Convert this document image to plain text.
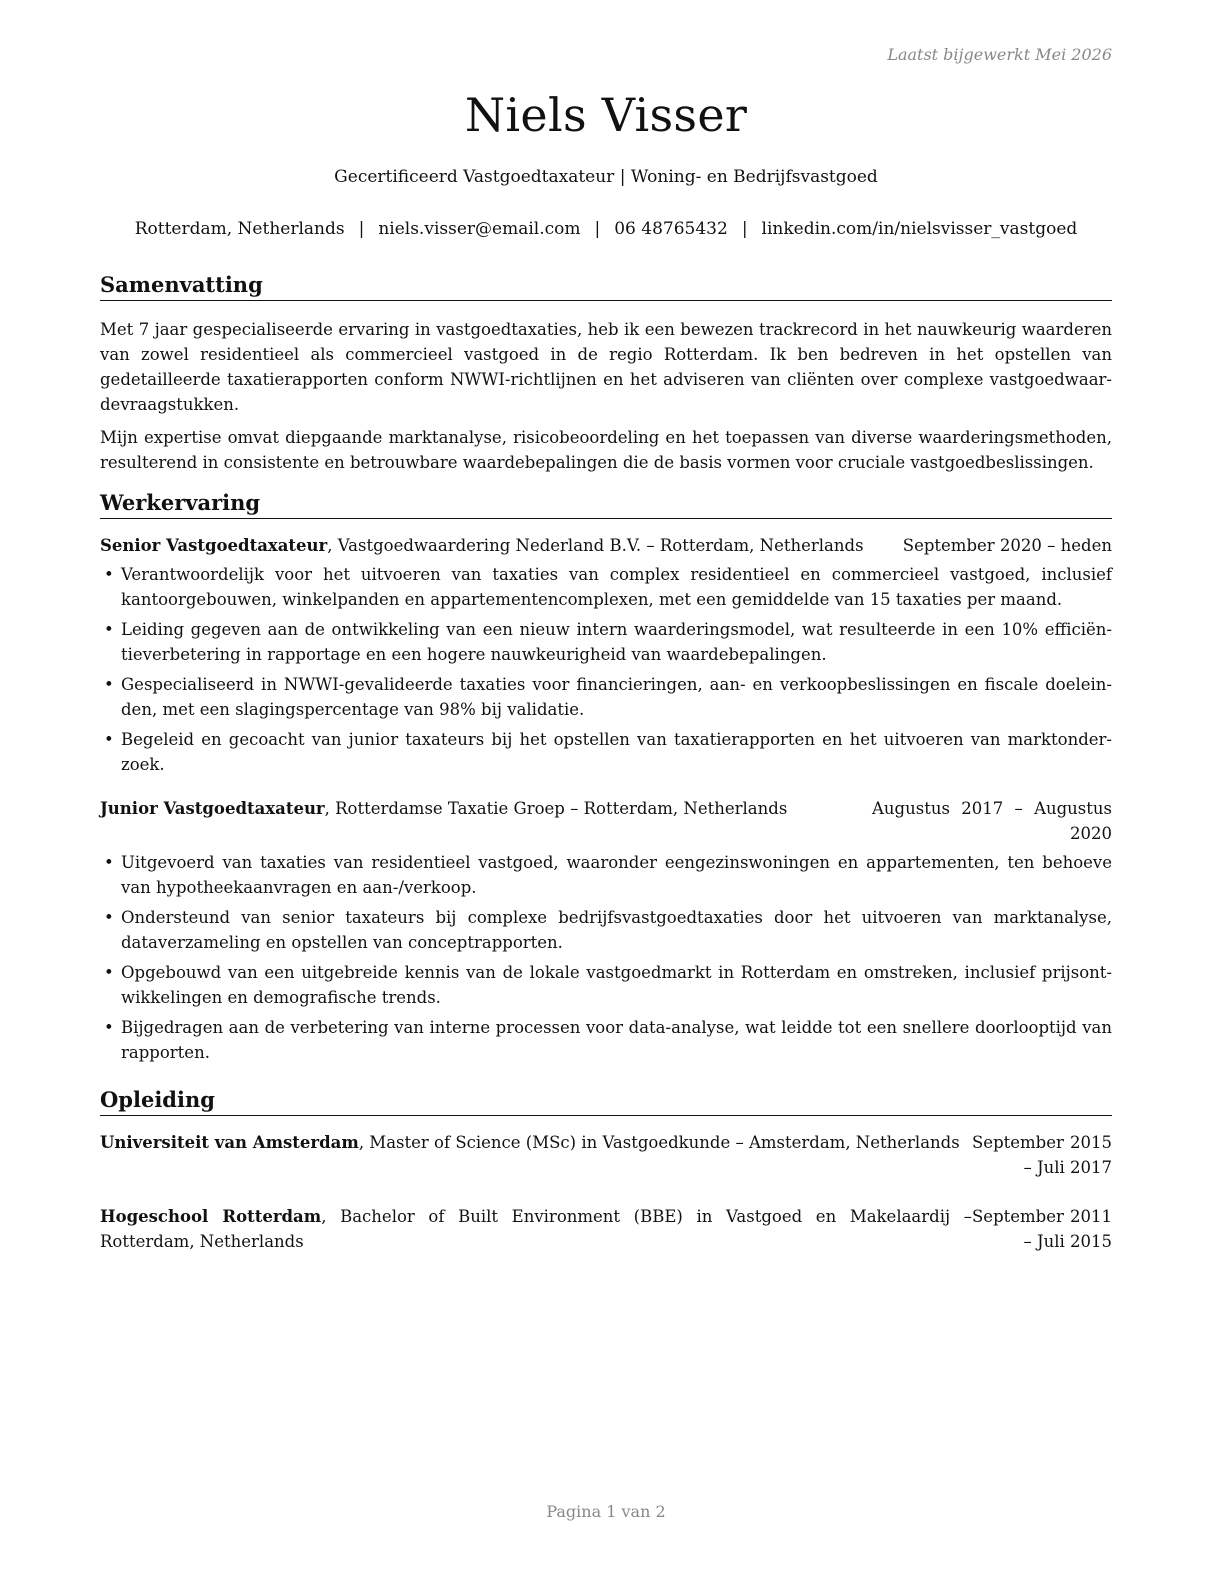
Laatst bijgewerkt Mei 2026
Niels Visser
Gecertificeerd Vastgoedtaxateur | Woning- en Bedrijfsvastgoed
Rotterdam, Netherlands | niels.visser@email.com | 06 48765432 | linkedin.com/in/nielsvisser_vastgoed
Samenvatting

Met 7 jaar gespecialiseerde ervaring in vastgoedtaxaties, heb ik een bewezen trackrecord in het nauwkeurig waarderen van zowel residentieel als commercieel vastgoed in de regio Rotterdam. Ik ben bedreven in het opstellen van gedetailleerde taxatierapporten conform NWWI-richtlijnen en het adviseren van cliënten over complexe vastgoedwaar-devraagstukken.

Mijn expertise omvat diepgaande marktanalyse, risicobeoordeling en het toepassen van diverse waarderingsmethoden, resulterend in consistente en betrouwbare waardebepalingen die de basis vormen voor cruciale vastgoedbeslissingen.

Werkervaring
Senior Vastgoedtaxateur, Vastgoedwaardering Nederland B.V. – Rotterdam, Netherlands	September 2020 – heden
• Verantwoordelijk voor het uitvoeren van taxaties van complex residentieel en commercieel vastgoed, inclusief kantoorgebouwen, winkelpanden en appartementencomplexen, met een gemiddelde van 15 taxaties per maand.
• Leiding gegeven aan de ontwikkeling van een nieuw intern waarderingsmodel, wat resulteerde in een 10% efficiën-tieverbetering in rapportage en een hogere nauwkeurigheid van waardebepalingen.
• Gespecialiseerd in NWWI-gevalideerde taxaties voor financieringen, aan- en verkoopbeslissingen en fiscale doelein-den, met een slagingspercentage van 98% bij validatie.
• Begeleid en gecoacht van junior taxateurs bij het opstellen van taxatierapporten en het uitvoeren van marktonder-zoek.
Junior Vastgoedtaxateur, Rotterdamse Taxatie Groep – Rotterdam, Netherlands	Augustus 2017 – Augustus 2020
• Uitgevoerd van taxaties van residentieel vastgoed, waaronder eengezinswoningen en appartementen, ten behoeve van hypotheekaanvragen en aan-/verkoop.
• Ondersteund van senior taxateurs bij complexe bedrijfsvastgoedtaxaties door het uitvoeren van marktanalyse, dataverzameling en opstellen van conceptrapporten.
• Opgebouwd van een uitgebreide kennis van de lokale vastgoedmarkt in Rotterdam en omstreken, inclusief prijsont-wikkelingen en demografische trends.
• Bijgedragen aan de verbetering van interne processen voor data-analyse, wat leidde tot een snellere doorlooptijd van rapporten.
Opleiding
Universiteit van Amsterdam, Master of Science (MSc) in Vastgoedkunde – Amsterdam, Netherlands September 2015 – Juli 2017
Hogeschool Rotterdam, Bachelor of Built Environment (BBE) in Vastgoed en Makelaardij – Rotterdam, Netherlands
September 2011 – Juli 2015
Pagina 1 van 2
